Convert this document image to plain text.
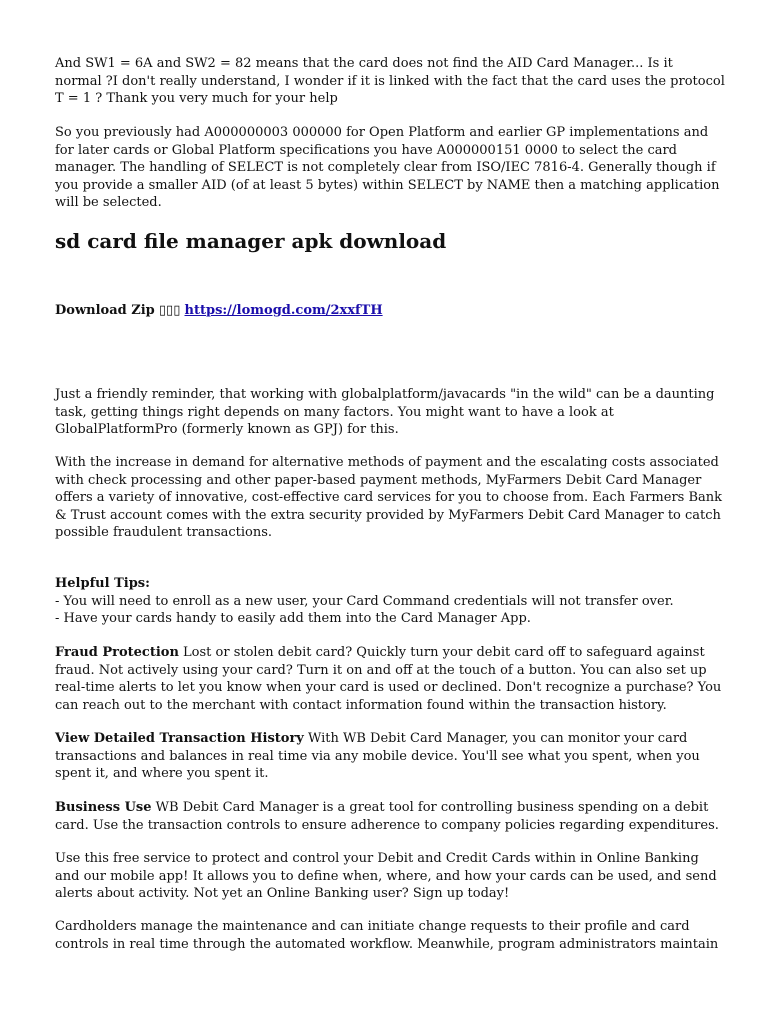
And SW1 = 6A and SW2 = 82 means that the card does not find the AID Card Manager... Is it
normal ?I don't really understand, I wonder if it is linked with the fact that the card uses the protocol
T = 1 ? Thank you very much for your help

So you previously had A000000003 000000 for Open Platform and earlier GP implementations and
for later cards or Global Platform specifications you have A000000151 0000 to select the card
manager. The handling of SELECT is not completely clear from ISO/IEC 7816-4. Generally though if
you provide a smaller AID (of at least 5 bytes) within SELECT by NAME then a matching application
will be selected.

sd card file manager apk download

Download Zip ▯▯▯ https://lomogd.com/2xxfTH

Just a friendly reminder, that working with globalplatform/javacards "in the wild" can be a daunting
task, getting things right depends on many factors. You might want to have a look at
GlobalPlatformPro (formerly known as GPJ) for this.

With the increase in demand for alternative methods of payment and the escalating costs associated
with check processing and other paper-based payment methods, MyFarmers Debit Card Manager
offers a variety of innovative, cost-effective card services for you to choose from. Each Farmers Bank
& Trust account comes with the extra security provided by MyFarmers Debit Card Manager to catch
possible fraudulent transactions.

Helpful Tips:
- You will need to enroll as a new user, your Card Command credentials will not transfer over.
- Have your cards handy to easily add them into the Card Manager App.

Fraud Protection Lost or stolen debit card? Quickly turn your debit card off to safeguard against
fraud. Not actively using your card? Turn it on and off at the touch of a button. You can also set up
real-time alerts to let you know when your card is used or declined. Don't recognize a purchase? You
can reach out to the merchant with contact information found within the transaction history.

View Detailed Transaction History With WB Debit Card Manager, you can monitor your card
transactions and balances in real time via any mobile device. You'll see what you spent, when you
spent it, and where you spent it.

Business Use WB Debit Card Manager is a great tool for controlling business spending on a debit
card. Use the transaction controls to ensure adherence to company policies regarding expenditures.

Use this free service to protect and control your Debit and Credit Cards within in Online Banking
and our mobile app! It allows you to define when, where, and how your cards can be used, and send
alerts about activity. Not yet an Online Banking user? Sign up today!

Cardholders manage the maintenance and can initiate change requests to their profile and card
controls in real time through the automated workflow. Meanwhile, program administrators maintain
